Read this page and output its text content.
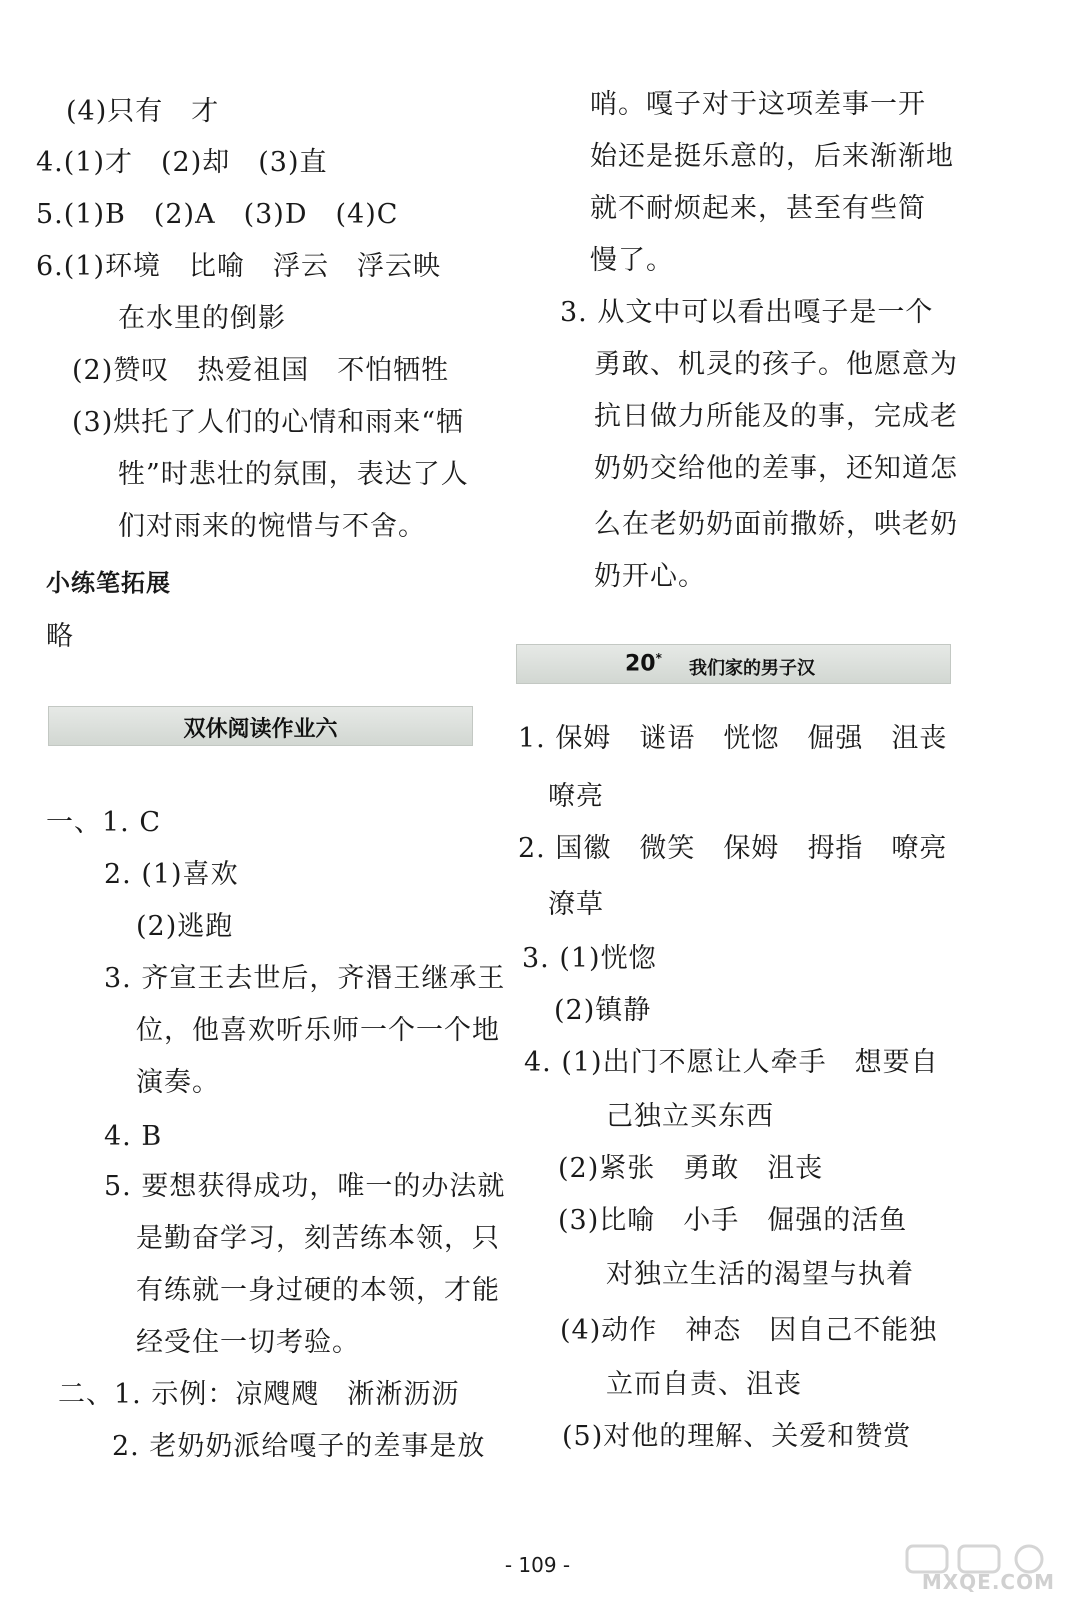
(4)只有　才
4.(1)才　(2)却　(3)直
5.(1)B　(2)A　(3)D　(4)C
6.(1)环境　比喻　浮云　浮云映
在水里的倒影
(2)赞叹　热爱祖国　不怕牺牲
(3)烘托了人们的心情和雨来“牺
牲”时悲壮的氛围，表达了人
们对雨来的惋惜与不舍。
小练笔拓展
略
双休阅读作业六
一、1. C
2. (1)喜欢
(2)逃跑
3. 齐宣王去世后，齐湣王继承王
位，他喜欢听乐师一个一个地
演奏。
4. B
5. 要想获得成功，唯一的办法就
是勤奋学习，刻苦练本领，只
有练就一身过硬的本领，才能
经受住一切考验。
二、1. 示例：凉飕飕　淅淅沥沥
2. 老奶奶派给嘎子的差事是放
哨。嘎子对于这项差事一开
始还是挺乐意的，后来渐渐地
就不耐烦起来，甚至有些简
慢了。
3. 从文中可以看出嘎子是一个
勇敢、机灵的孩子。他愿意为
抗日做力所能及的事，完成老
奶奶交给他的差事，还知道怎
么在老奶奶面前撒娇，哄老奶
奶开心。
20* 我们家的男子汉
1. 保姆　谜语　恍惚　倔强　沮丧
嘹亮
2. 国徽　微笑　保姆　拇指　嘹亮
潦草
3. (1)恍惚
(2)镇静
4. (1)出门不愿让人牵手　想要自
己独立买东西
(2)紧张　勇敢　沮丧
(3)比喻　小手　倔强的活鱼
对独立生活的渴望与执着
(4)动作　神态　因自己不能独
立而自责、沮丧
(5)对他的理解、关爱和赞赏
- 109 -
MXQE.COM
